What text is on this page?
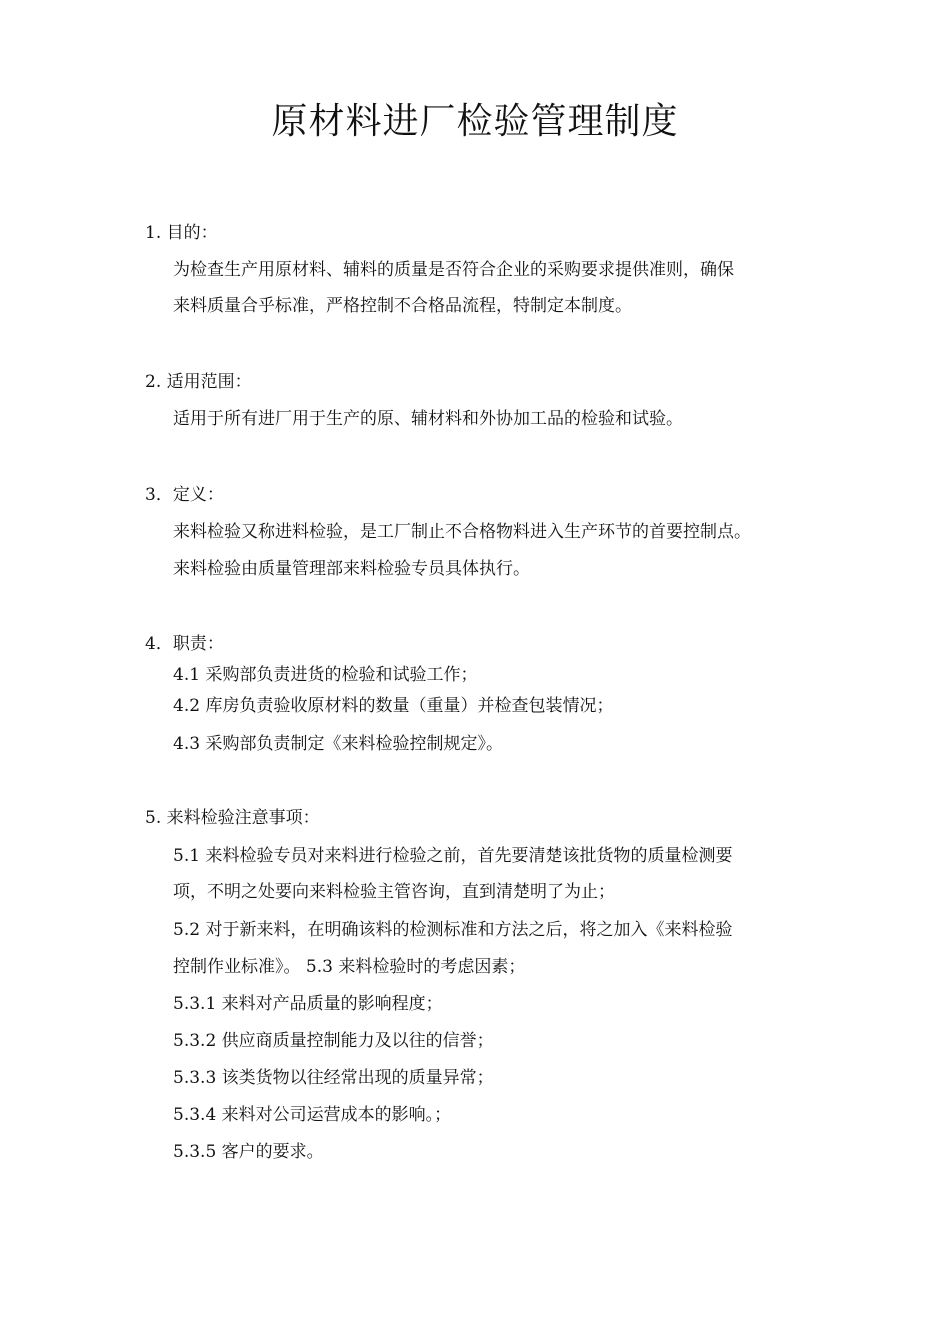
原材料进厂检验管理制度
1. 目的：
为检查生产用原材料、辅料的质量是否符合企业的采购要求提供准则，确保
来料质量合乎标准，严格控制不合格品流程，特制定本制度。
2. 适用范围：
适用于所有进厂用于生产的原、辅材料和外协加工品的检验和试验。
3．定义：
来料检验又称进料检验，是工厂制止不合格物料进入生产环节的首要控制点。
来料检验由质量管理部来料检验专员具体执行。
4．职责：
4.1 采购部负责进货的检验和试验工作；
4.2 库房负责验收原材料的数量（重量）并检查包装情况；
4.3 采购部负责制定《来料检验控制规定》。
5. 来料检验注意事项：
5.1 来料检验专员对来料进行检验之前，首先要清楚该批货物的质量检测要
项，不明之处要向来料检验主管咨询，直到清楚明了为止；
5.2 对于新来料，在明确该料的检测标准和方法之后，将之加入《来料检验
控制作业标准》。 5.3 来料检验时的考虑因素；
5.3.1 来料对产品质量的影响程度；
5.3.2 供应商质量控制能力及以往的信誉；
5.3.3 该类货物以往经常出现的质量异常；
5.3.4 来料对公司运营成本的影响。；
5.3.5 客户的要求。
